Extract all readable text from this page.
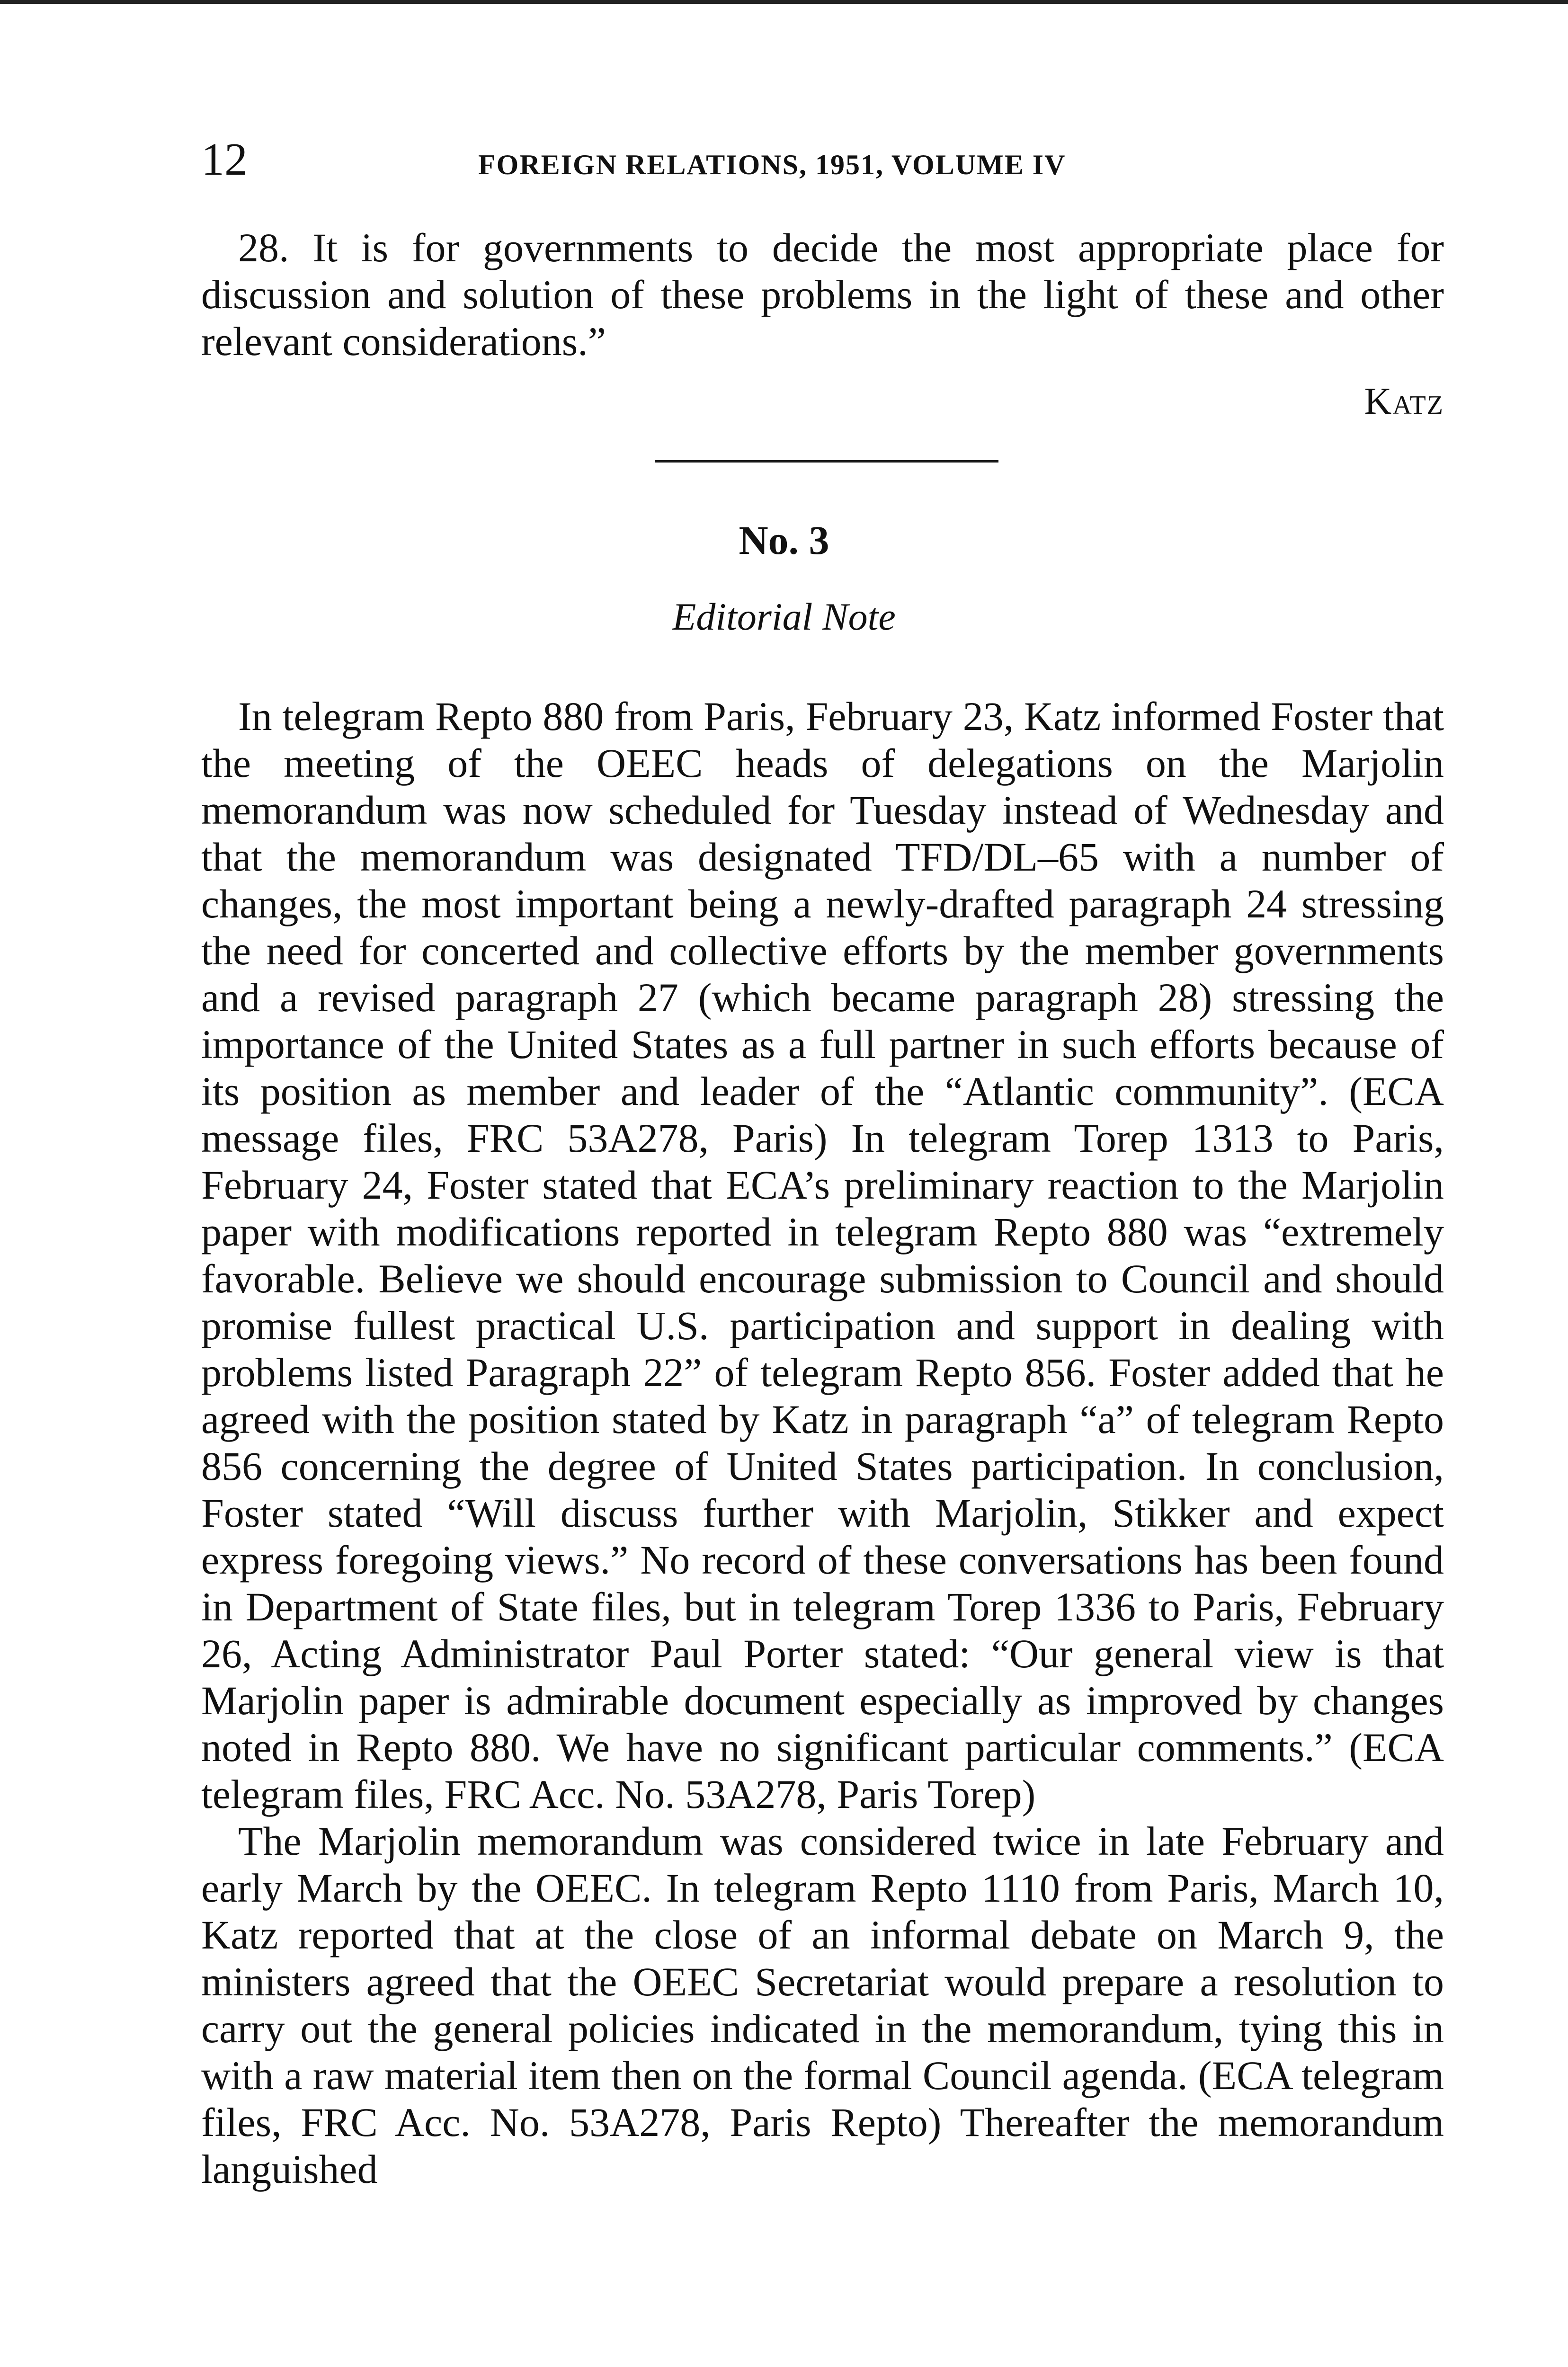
12	FOREIGN RELATIONS, 1951, VOLUME IV

28. It is for governments to decide the most appropriate place for discussion and solution of these problems in the light of these and other relevant considerations.”

Katz
No. 3
Editorial Note

In telegram Repto 880 from Paris, February 23, Katz informed Foster that the meeting of the OEEC heads of delegations on the Marjolin memorandum was now scheduled for Tuesday instead of Wednesday and that the memorandum was designated TFD/DL–65 with a number of changes, the most important being a newly-drafted paragraph 24 stressing the need for concerted and collective efforts by the member governments and a revised paragraph 27 (which became paragraph 28) stressing the importance of the United States as a full partner in such efforts because of its position as member and leader of the “Atlantic community”. (ECA message files, FRC 53A278, Paris) In telegram Torep 1313 to Paris, February 24, Foster stated that ECA’s preliminary reaction to the Marjolin paper with modifications reported in telegram Repto 880 was “extremely favorable. Believe we should encourage submission to Council and should promise fullest practical U.S. participation and support in dealing with problems listed Paragraph 22” of telegram Repto 856. Foster added that he agreed with the position stated by Katz in paragraph “a” of telegram Repto 856 concerning the degree of United States participation. In conclusion, Foster stated “Will discuss further with Marjolin, Stikker and expect express foregoing views.” No record of these conversations has been found in Department of State files, but in telegram Torep 1336 to Paris, February 26, Acting Administrator Paul Porter stated: “Our general view is that Marjolin paper is admirable document especially as improved by changes noted in Repto 880. We have no significant particular comments.” (ECA telegram files, FRC Acc. No. 53A278, Paris Torep)

The Marjolin memorandum was considered twice in late February and early March by the OEEC. In telegram Repto 1110 from Paris, March 10, Katz reported that at the close of an informal debate on March 9, the ministers agreed that the OEEC Secretariat would prepare a resolution to carry out the general policies indicated in the memorandum, tying this in with a raw material item then on the formal Council agenda. (ECA telegram files, FRC Acc. No. 53A278, Paris Repto) Thereafter the memorandum languished
